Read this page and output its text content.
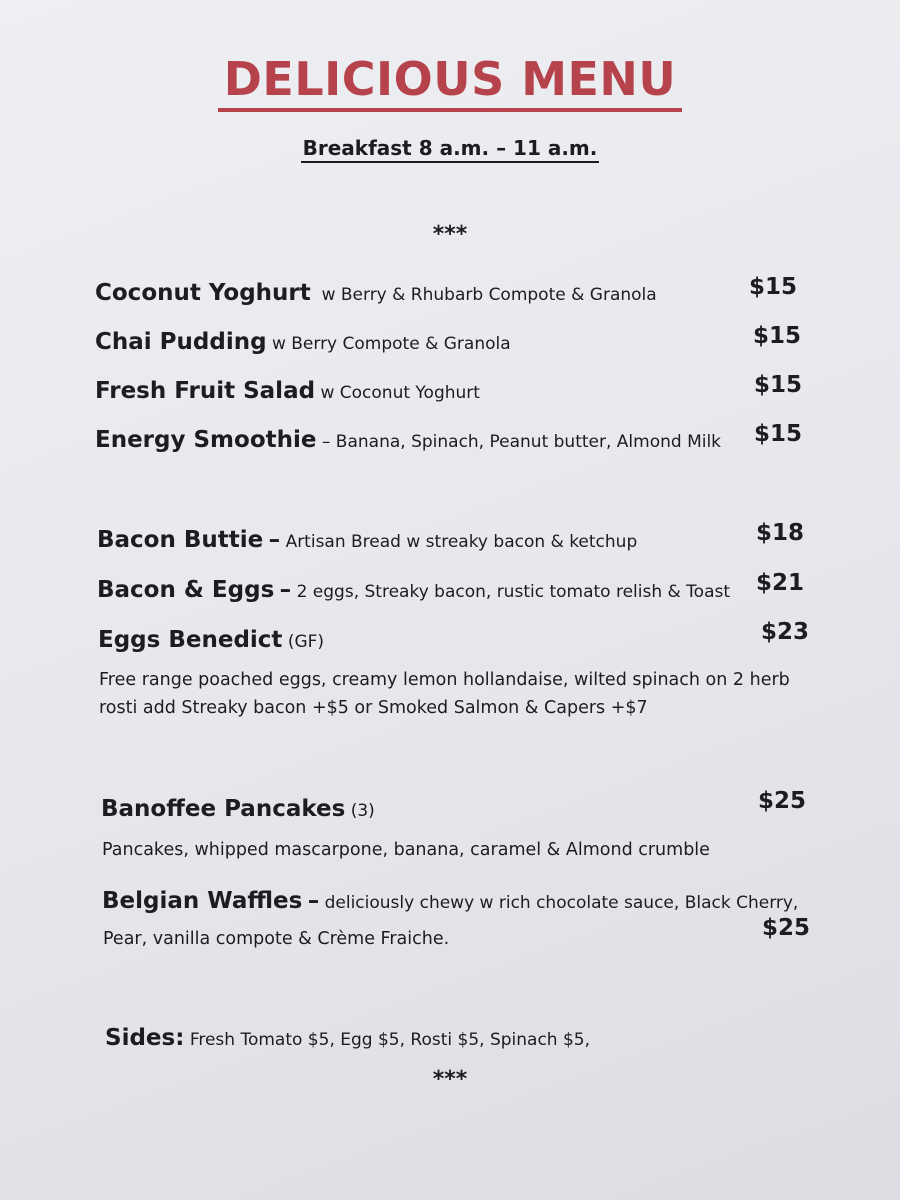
DELICIOUS MENU
Breakfast 8 a.m. – 11 a.m.
***
Coconut Yoghurt w Berry & Rhubarb Compote & Granola	$15
Chai Pudding w Berry Compote & Granola	$15
Fresh Fruit Salad w Coconut Yoghurt	$15
Energy Smoothie – Banana, Spinach, Peanut butter, Almond Milk $15
Bacon Buttie – Artisan Bread w streaky bacon & ketchup	$18
Bacon & Eggs – 2 eggs, Streaky bacon, rustic tomato relish & Toast $21
Eggs Benedict (GF)	$23
Free range poached eggs, creamy lemon hollandaise, wilted spinach on 2 herb
rosti add Streaky bacon +$5 or Smoked Salmon & Capers +$7
Banoffee Pancakes (3)	$25
Pancakes, whipped mascarpone, banana, caramel & Almond crumble
Belgian Waffles – deliciously chewy w rich chocolate sauce, Black Cherry,
Pear, vanilla compote & Crème Fraiche.	$25
Sides: Fresh Tomato $5, Egg $5, Rosti $5, Spinach $5,
***
